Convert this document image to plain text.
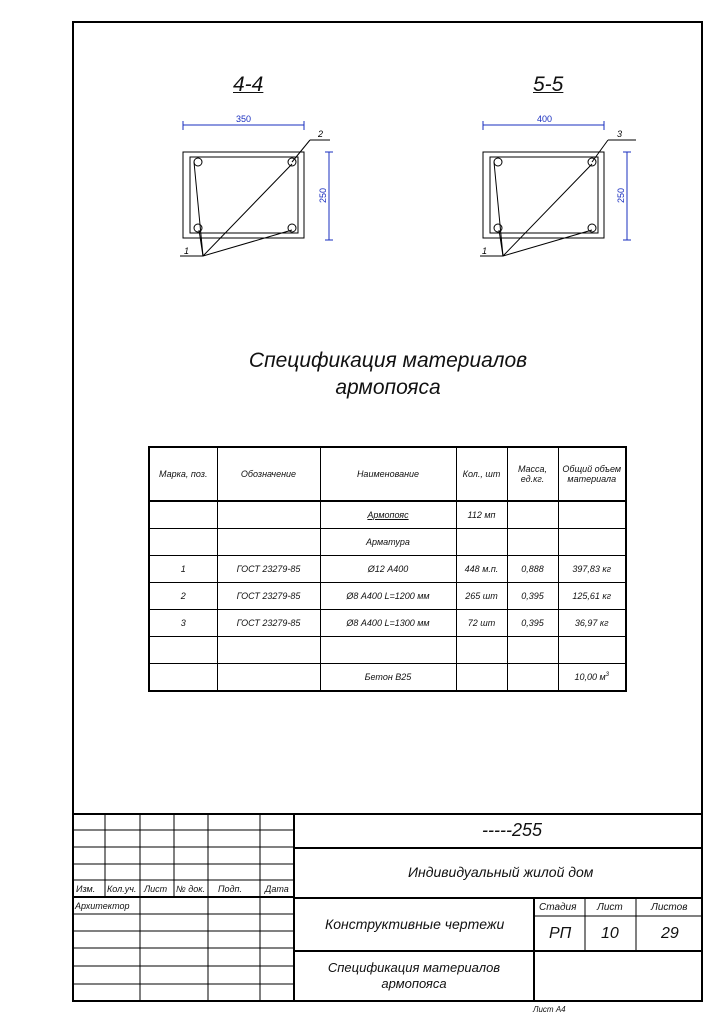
4-4	5-5
350	400
250	250
2
1
3
1
Спецификация материалов
армопояса
Марка, поз.	Обозначение	Наименование	Кол., шт	Масса, ед.кг.	Общий объем материала
		Армопояс	112 мп		
		Арматура			
1	ГОСТ 23279-85	Ø12 А400	448 м.п.	0,888	397,83 кг
2	ГОСТ 23279-85	Ø8 А400 L=1200 мм	265 шт	0,395	125,61 кг
3	ГОСТ 23279-85	Ø8 А400 L=1300 мм	72 шт	0,395	36,97 кг

		Бетон В25			10,00 $м^3$
-----255
Индивидуальный жилой дом
Изм. Кол.уч. Лист № док. Подп.	Дата
Архитектор
Конструктивные чертежи
Стадия Лист	Листов
РП 10	29
Спецификация материалов
армопояса
Лист А4
